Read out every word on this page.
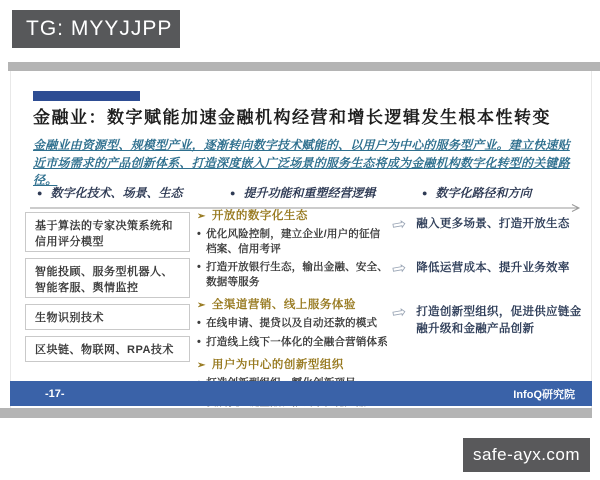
TG: MYYJJPP
金融业：数字赋能加速金融机构经营和增长逻辑发生根本性转变
金融业由资源型、规模型产业，逐渐转向数字技术赋能的、以用户为中心的服务型产业。建立快速贴近市场需求的产品创新体系、打造深度嵌入广泛场景的服务生态将成为金融机构数字化转型的关键路径。
● 数字化技术、场景、生态	● 提升功能和重塑经营逻辑	● 数字化路径和方向
基于算法的专家决策系统和信用评分模型
智能投顾、服务型机器人、智能客服、舆情监控
生物识别技术
区块链、物联网、RPA技术
➢ 开放的数字化生态
• 优化风险控制，建立企业/用户的征信档案、信用考评
• 打造开放银行生态，输出金融、安全、数据等服务
➢ 全渠道营销、线上服务体验
• 在线申请、提贷以及自动还款的模式
• 打造线上线下一体化的全融合营销体系
➢ 用户为中心的创新型组织
⇨ 融入更多场景、打造开放生态
⇨ 降低运营成本、提升业务效率
⇨ 打造创新型组织，促进供应链金融升级和金融产品创新
-17-	InfoQ研究院
safe-ayx.com
